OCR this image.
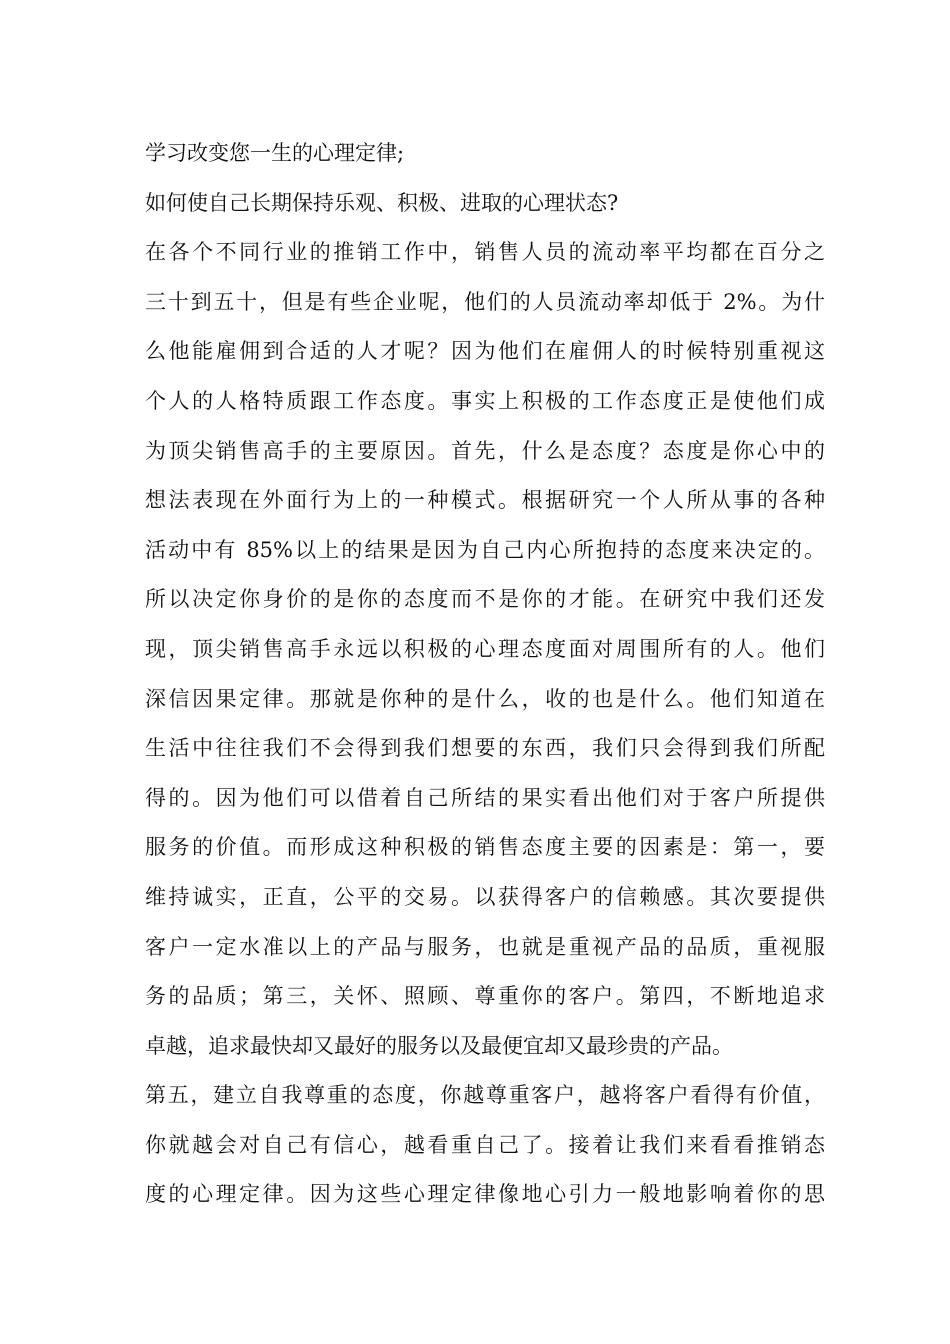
学习改变您一生的心理定律;
如何使自己长期保持乐观、积极、进取的心理状态?
在各个不同行业的推销工作中，销售人员的流动率平均都在百分之
三十到五十，但是有些企业呢，他们的人员流动率却低于 2%。为什
么他能雇佣到合适的人才呢？因为他们在雇佣人的时候特别重视这
个人的人格特质跟工作态度。事实上积极的工作态度正是使他们成
为顶尖销售高手的主要原因。首先，什么是态度？态度是你心中的
想法表现在外面行为上的一种模式。根据研究一个人所从事的各种
活动中有 85%以上的结果是因为自己内心所抱持的态度来决定的。
所以决定你身价的是你的态度而不是你的才能。在研究中我们还发
现，顶尖销售高手永远以积极的心理态度面对周围所有的人。他们
深信因果定律。那就是你种的是什么，收的也是什么。他们知道在
生活中往往我们不会得到我们想要的东西，我们只会得到我们所配
得的。因为他们可以借着自己所结的果实看出他们对于客户所提供
服务的价值。而形成这种积极的销售态度主要的因素是：第一，要
维持诚实，正直，公平的交易。以获得客户的信赖感。其次要提供
客户一定水准以上的产品与服务，也就是重视产品的品质，重视服
务的品质；第三，关怀、照顾、尊重你的客户。第四，不断地追求
卓越，追求最快却又最好的服务以及最便宜却又最珍贵的产品。
第五，建立自我尊重的态度，你越尊重客户，越将客户看得有价值，
你就越会对自己有信心，越看重自己了。接着让我们来看看推销态
度的心理定律。因为这些心理定律像地心引力一般地影响着你的思
